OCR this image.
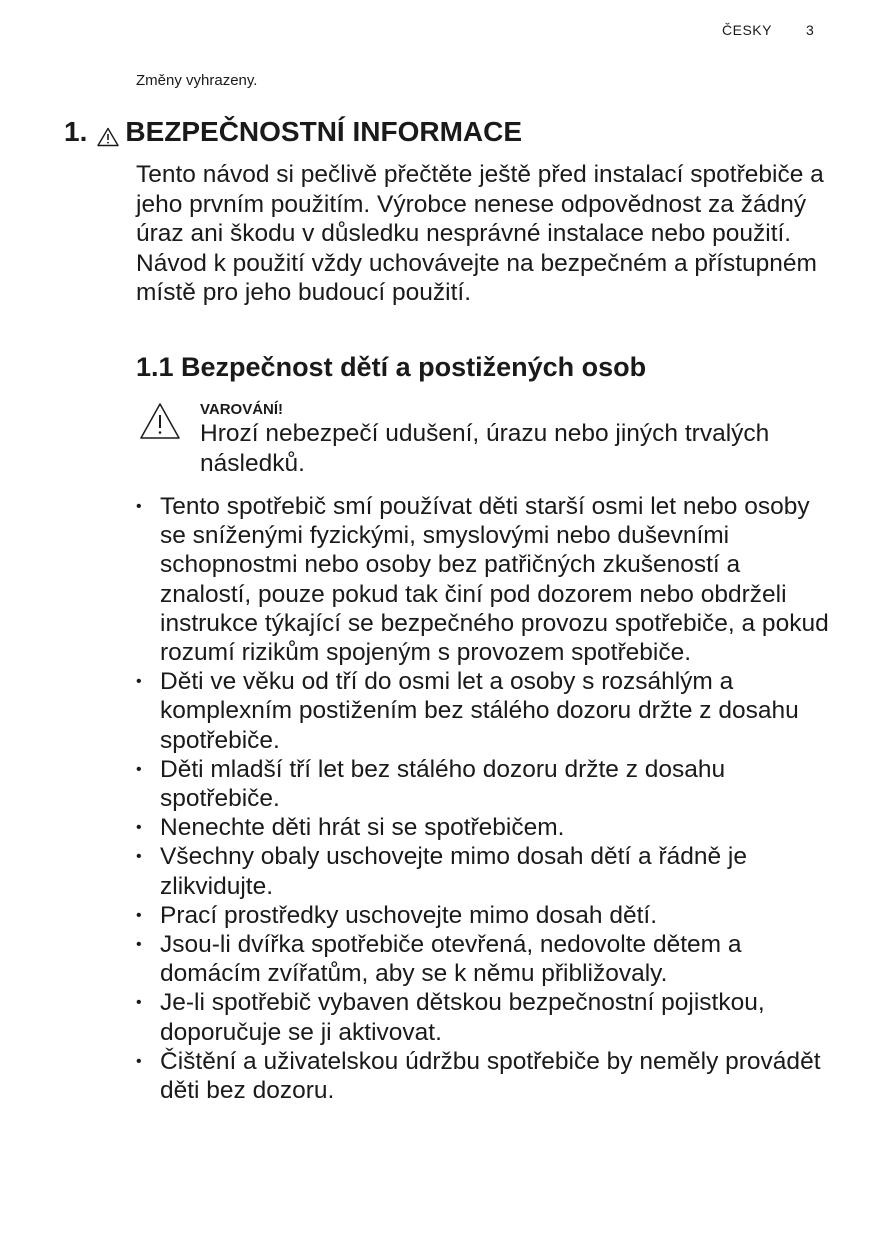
ČESKY 3
Změny vyhrazeny.
1. BEZPEČNOSTNÍ INFORMACE

Tento návod si pečlivě přečtěte ještě před instalací spotřebiče a jeho prvním použitím. Výrobce nenese odpovědnost za žádný úraz ani škodu v důsledku nesprávné instalace nebo použití. Návod k použití vždy uchovávejte na bezpečném a přístupném místě pro jeho budoucí použití.

1.1 Bezpečnost dětí a postižených osob
VAROVÁNÍ!

Hrozí nebezpečí udušení, úrazu nebo jiných trvalých následků.

• Tento spotřebič smí používat děti starší osmi let nebo osoby se sníženými fyzickými, smyslovými nebo duševními schopnostmi nebo osoby bez patřičných zkušeností a znalostí, pouze pokud tak činí pod dozorem nebo obdrželi instrukce týkající se bezpečného provozu spotřebiče, a pokud rozumí rizikům spojeným s provozem spotřebiče.
• Děti ve věku od tří do osmi let a osoby s rozsáhlým a komplexním postižením bez stálého dozoru držte z dosahu spotřebiče.
• Děti mladší tří let bez stálého dozoru držte z dosahu spotřebiče.
• Nenechte děti hrát si se spotřebičem.
• Všechny obaly uschovejte mimo dosah dětí a řádně je zlikvidujte.
• Prací prostředky uschovejte mimo dosah dětí.
• Jsou-li dvířka spotřebiče otevřená, nedovolte dětem a domácím zvířatům, aby se k němu přibližovaly.
• Je-li spotřebič vybaven dětskou bezpečnostní pojistkou, doporučuje se ji aktivovat.
• Čištění a uživatelskou údržbu spotřebiče by neměly provádět děti bez dozoru.
